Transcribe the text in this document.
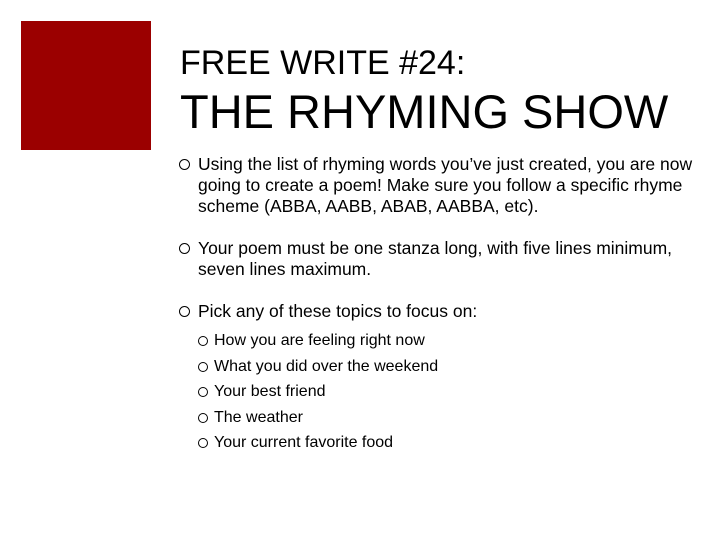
FREE WRITE #24:
THE RHYMING SHOW
Using the list of rhyming words you’ve just created, you are now going to create a poem! Make sure you follow a specific rhyme scheme (ABBA, AABB, ABAB, AABBA, etc).
Your poem must be one stanza long, with five lines minimum, seven lines maximum.
Pick any of these topics to focus on:
How you are feeling right now
What you did over the weekend
Your best friend
The weather
Your current favorite food
